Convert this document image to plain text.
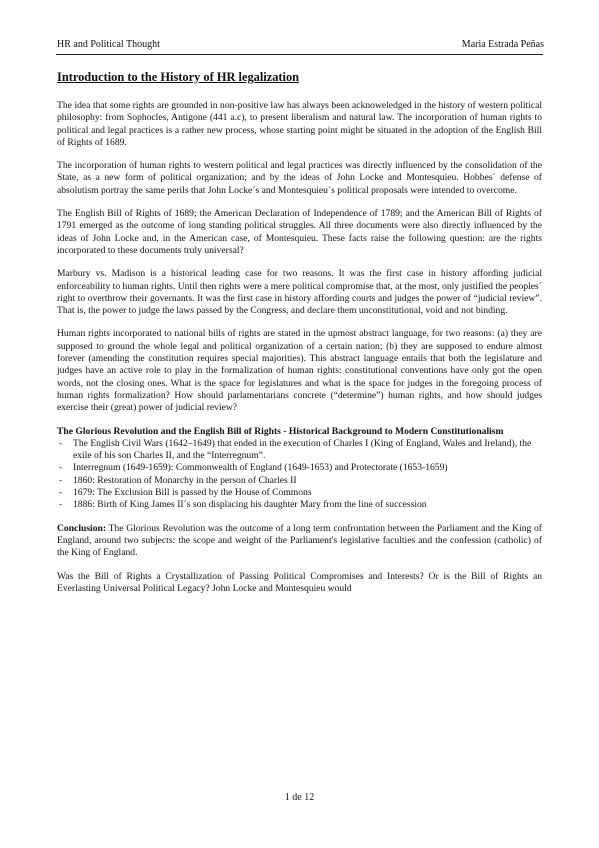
HR and Political Thought	Maria Estrada Peñas
Introduction to the History of HR legalization

The idea that some rights are grounded in non-positive law has always been acknoweledged in the history of western political philosophy: from Sophocles, Antigone (441 a.c), to present liberalism and natural law. The incorporation of human rights to political and legal practices is a rather new process, whose starting point might be situated in the adoption of the English Bill of Rights of 1689.

The incorporation of human rights to western political and legal practices was directly influenced by the consolidation of the State, as a new form of political organization; and by the ideas of John Locke and Montesquieu. Hobbes´ defense of absolutism portray the same perils that John Locke´s and Montesquieu´s political proposals were intended to overcome.

The English Bill of Rights of 1689; the American Declaration of Independence of 1789; and the American Bill of Rights of 1791 emerged as the outcome of long standing political struggles. All three documents were also directly influenced by the ideas of John Locke and, in the American case, of Montesquieu. These facts raise the following question: are the rights incorporated to these documents truly universal?

Marbury vs. Madison is a historical leading case for two reasons. It was the first case in history affording judicial enforceability to human rights. Until then rights were a mere political compromise that, at the most, only justified the peoples´ right to overthrow their governants. It was the first case in history affording courts and judges the power of “judicial review”. That is, the power to judge the laws passed by the Congress, and declare them unconstitutional, void and not binding.

Human rights incorporated to national bills of rights are stated in the upmost abstract language, for two reasons: (a) they are supposed to ground the whole legal and political organization of a certain nation; (b) they are supposed to endure almost forever (amending the constitution requires special majorities). This abstract language entails that both the legislature and judges have an active role to play in the formalization of human rights: constitutional conventions have only got the open words, not the closing ones. What is the space for legislatures and what is the space for judges in the foregoing process of human rights formalization? How should parlamentarians concrete (“determine”) human rights, and how should judges exercise their (great) power of judicial review?

The Glorious Revolution and the English Bill of Rights - Historical Background to Modern Constitutionalism
- The English Civil Wars (1642–1649) that ended in the execution of Charles I (King of England, Wales and Ireland), the exile of his son Charles II, and the “Interregnum”.
- Interregnum (1649-1659): Commonwealth of England (1649-1653) and Protectorate (1653-1659)
- 1860: Restoration of Monarchy in the person of Charles II
- 1679: The Exclusion Bill is passed by the House of Commons
- 1886: Birth of King James II´s son displacing his daughter Mary from the line of succession

Conclusion: The Glorious Revolution was the outcome of a long term confrontation between the Parliament and the King of England, around two subjects: the scope and weight of the Parliament's legislative faculties and the confession (catholic) of the King of England.

Was the Bill of Rights a Crystallization of Passing Political Compromises and Interests? Or is the Bill of Rights an Everlasting Universal Political Legacy? John Locke and Montesquieu would

1 de 12
